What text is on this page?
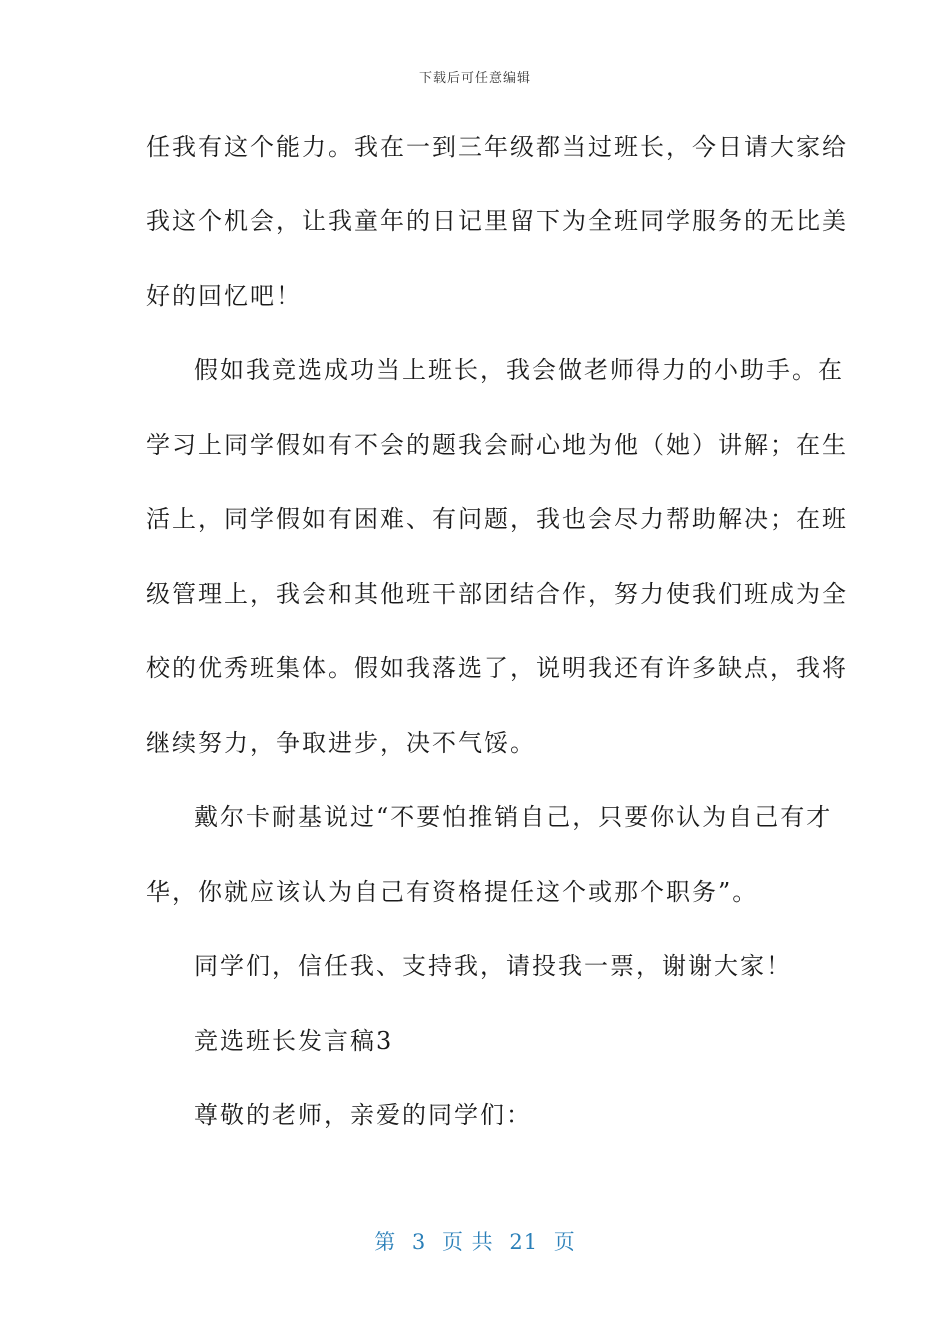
下载后可任意编辑
任我有这个能力。我在一到三年级都当过班长，今日请大家给
我这个机会，让我童年的日记里留下为全班同学服务的无比美
好的回忆吧！
假如我竞选成功当上班长，我会做老师得力的小助手。在
学习上同学假如有不会的题我会耐心地为他（她）讲解；在生
活上，同学假如有困难、有问题，我也会尽力帮助解决；在班
级管理上，我会和其他班干部团结合作，努力使我们班成为全
校的优秀班集体。假如我落选了，说明我还有许多缺点，我将
继续努力，争取进步，决不气馁。
戴尔卡耐基说过“不要怕推销自己，只要你认为自己有才
华，你就应该认为自己有资格提任这个或那个职务”。
同学们，信任我、支持我，请投我一票，谢谢大家！
竞选班长发言稿3
尊敬的老师，亲爱的同学们：
第 3 页 共 21 页
